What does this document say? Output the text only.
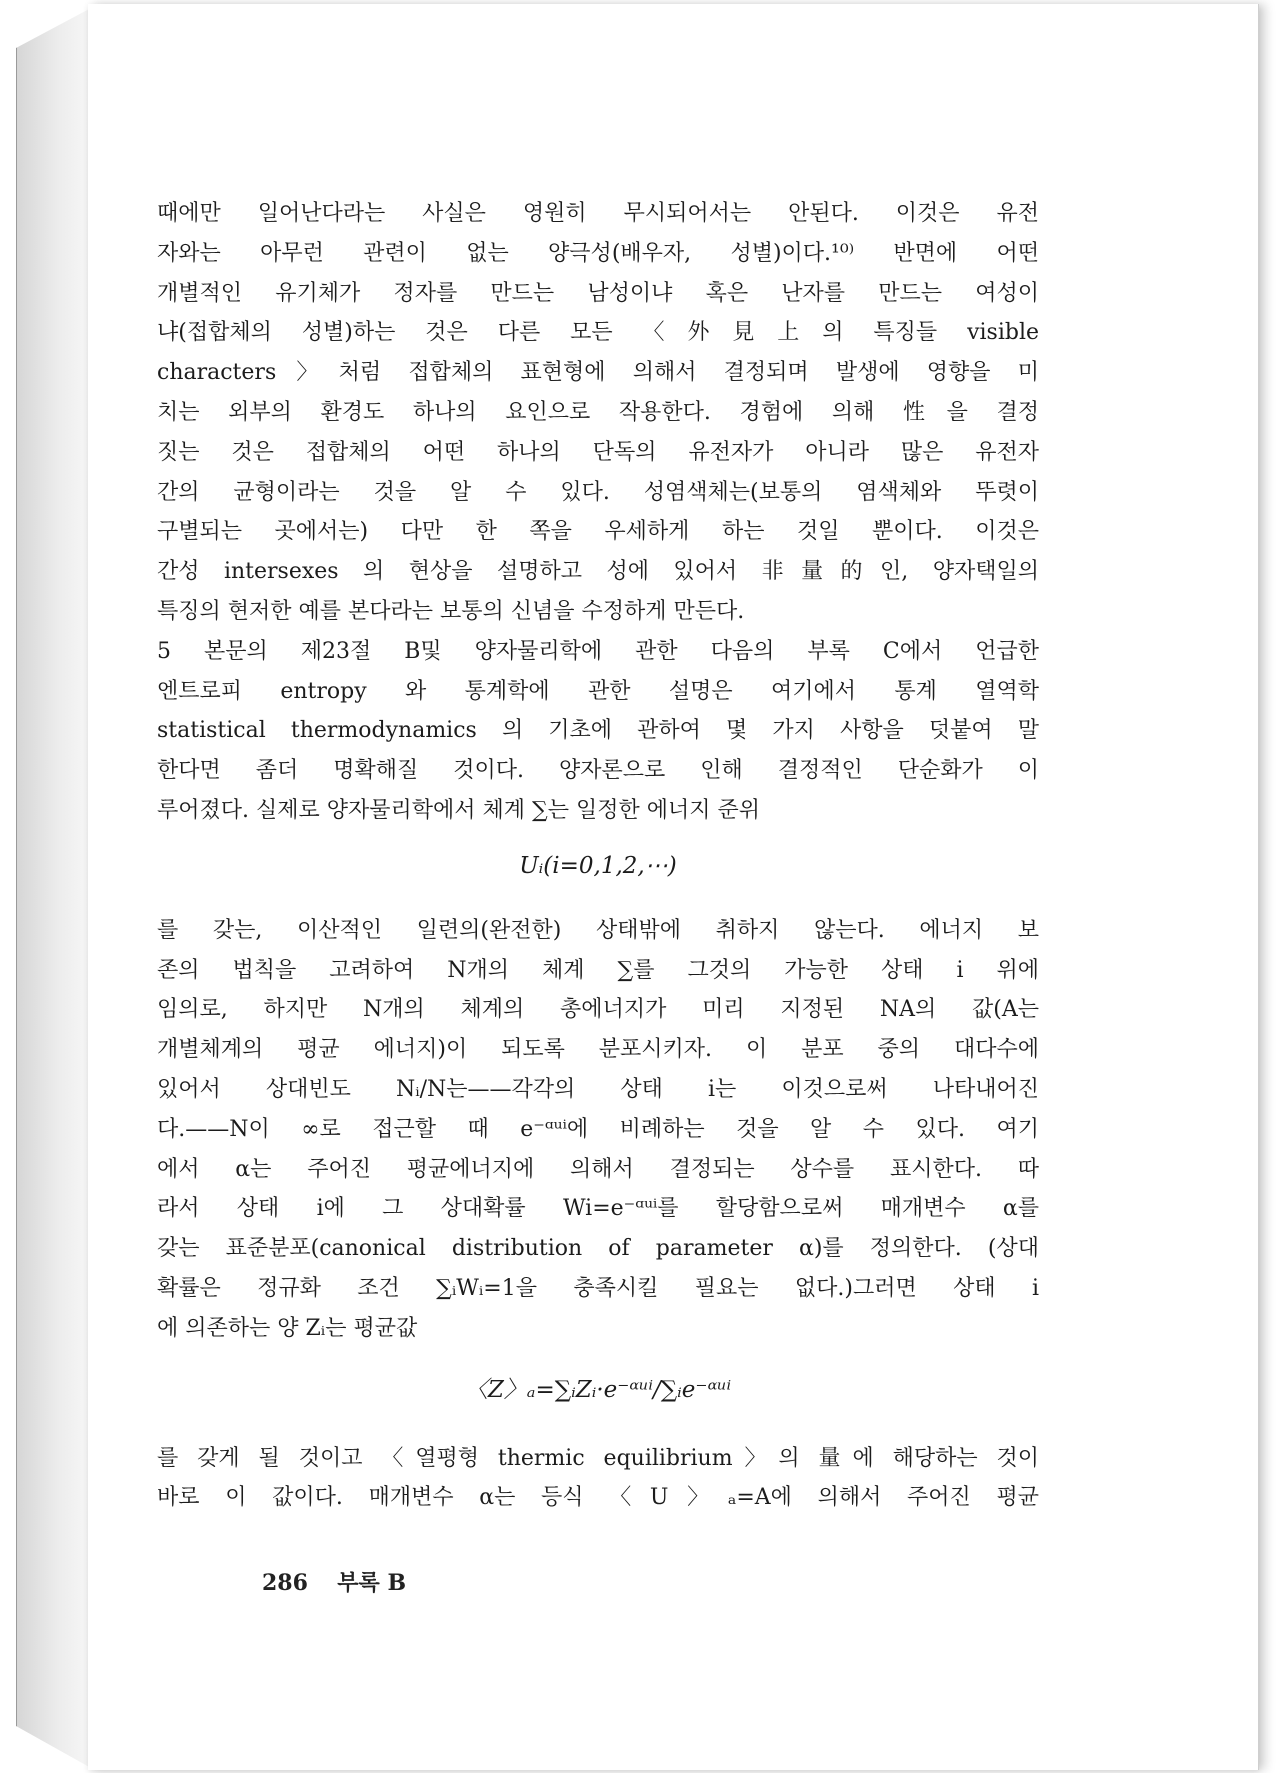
때에만 일어난다라는 사실은 영원히 무시되어서는 안된다. 이것은 유전
자와는 아무런 관련이 없는 양극성(배우자, 성별)이다.¹⁰⁾ 반면에 어떤
개별적인 유기체가 정자를 만드는 남성이냐 혹은 난자를 만드는 여성이
냐(접합체의 성별)하는 것은 다른 모든 〈外見上의 특징들 visible
characters〉처럼 접합체의 표현형에 의해서 결정되며 발생에 영향을 미
치는 외부의 환경도 하나의 요인으로 작용한다. 경험에 의해 性을 결정
짓는 것은 접합체의 어떤 하나의 단독의 유전자가 아니라 많은 유전자
간의 균형이라는 것을 알 수 있다. 성염색체는(보통의 염색체와 뚜렷이
구별되는 곳에서는) 다만 한 쪽을 우세하게 하는 것일 뿐이다. 이것은
간성 intersexes 의 현상을 설명하고 성에 있어서 非量的인, 양자택일의
특징의 현저한 예를 본다라는 보통의 신념을 수정하게 만든다.
5 본문의 제23절 B및 양자물리학에 관한 다음의 부록 C에서 언급한
엔트로피 entropy 와 통계학에 관한 설명은 여기에서 통계 열역학
statistical thermodynamics 의 기초에 관하여 몇 가지 사항을 덧붙여 말
한다면 좀더 명확해질 것이다. 양자론으로 인해 결정적인 단순화가 이
루어졌다. 실제로 양자물리학에서 체계 ∑는 일정한 에너지 준위
Uᵢ(i=0,1,2,⋯)
를 갖는, 이산적인 일련의(완전한) 상태밖에 취하지 않는다. 에너지 보
존의 법칙을 고려하여 N개의 체계 ∑를 그것의 가능한 상태 i 위에
임의로, 하지만 N개의 체계의 총에너지가 미리 지정된 NA의 값(A는
개별체계의 평균 에너지)이 되도록 분포시키자. 이 분포 중의 대다수에
있어서 상대빈도 Nᵢ/N는——각각의 상태 i는 이것으로써 나타내어진
다.——N이 ∞로 접근할 때 e⁻ᵅᵘⁱ에 비례하는 것을 알 수 있다. 여기
에서 α는 주어진 평균에너지에 의해서 결정되는 상수를 표시한다. 따
라서 상태 i에 그 상대확률 Wi=e⁻ᵅᵘⁱ를 할당함으로써 매개변수 α를
갖는 표준분포(canonical distribution of parameter α)를 정의한다. (상대
확률은 정규화 조건 ∑ᵢWᵢ=1을 충족시킬 필요는 없다.)그러면 상태 i
에 의존하는 양 Zᵢ는 평균값
〈Z〉ₐ=∑ᵢZᵢ·e⁻ᵅᵘⁱ/∑ᵢe⁻ᵅᵘⁱ
를 갖게 될 것이고 〈열평형 thermic equilibrium〉의 量에 해당하는 것이
바로 이 값이다. 매개변수 α는 등식 〈U〉ₐ=A에 의해서 주어진 평균
286 부록 B
